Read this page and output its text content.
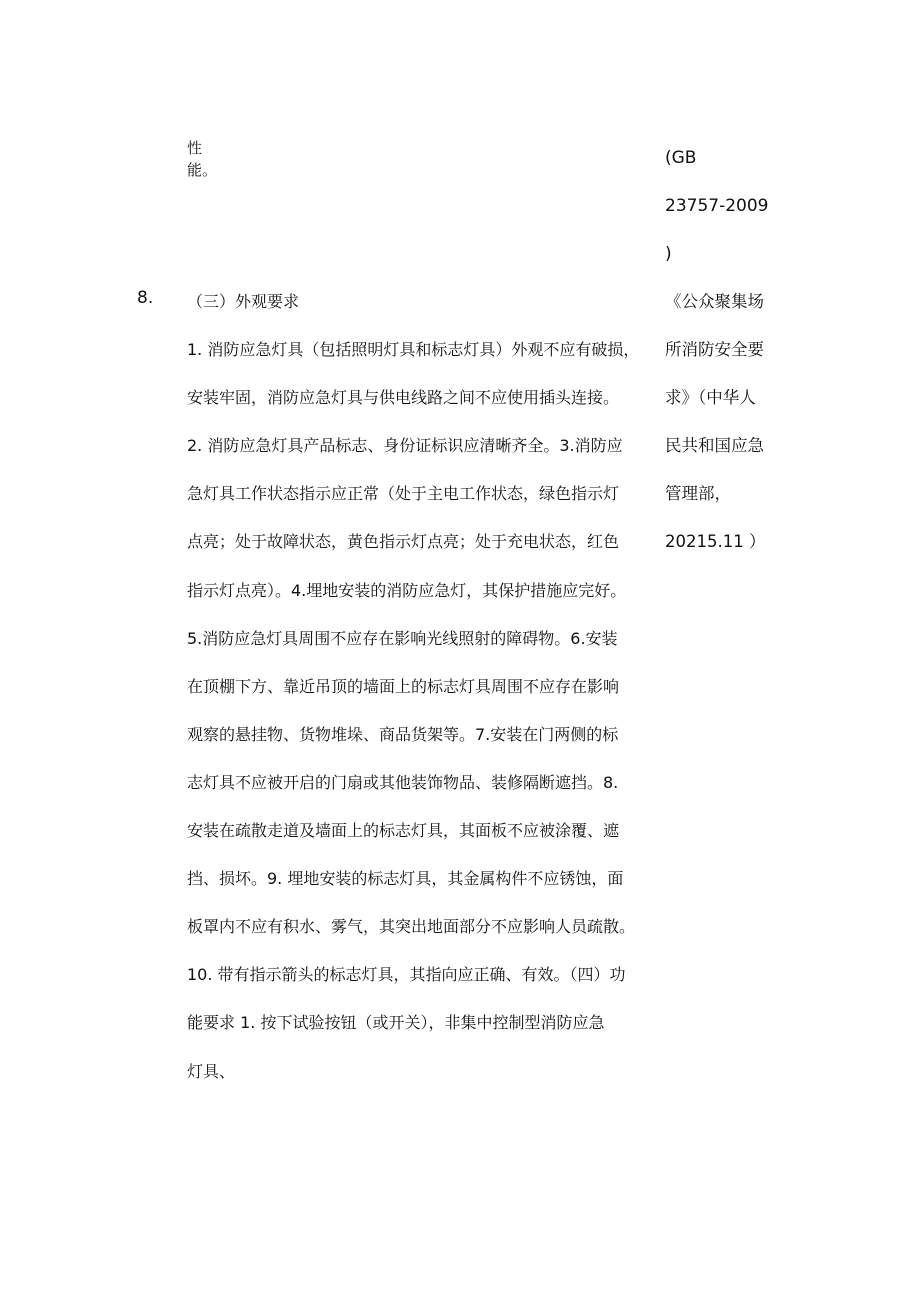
性
能。
(GB
23757-2009
)
8. （三）外观要求
1. 消防应急灯具（包括照明灯具和标志灯具）外观不应有破损，
安装牢固，消防应急灯具与供电线路之间不应使用插头连接。
2. 消防应急灯具产品标志、身份证标识应清晰齐全。3.消防应
急灯具工作状态指示应正常（处于主电工作状态，绿色指示灯
点亮；处于故障状态，黄色指示灯点亮；处于充电状态，红色
指示灯点亮）。4.埋地安装的消防应急灯，其保护措施应完好。
5.消防应急灯具周围不应存在影响光线照射的障碍物。6.安装
在顶棚下方、靠近吊顶的墙面上的标志灯具周围不应存在影响
观察的悬挂物、货物堆垛、商品货架等。7.安装在门两侧的标
志灯具不应被开启的门扇或其他装饰物品、装修隔断遮挡。8.
安装在疏散走道及墙面上的标志灯具，其面板不应被涂覆、遮
挡、损坏。9. 埋地安装的标志灯具，其金属构件不应锈蚀，面
板罩内不应有积水、雾气，其突出地面部分不应影响人员疏散。
10. 带有指示箭头的标志灯具，其指向应正确、有效。（四）功
能要求 1. 按下试验按钮（或开关），非集中控制型消防应急
灯具、
《公众聚集场
所消防安全要
求》（中华人
民共和国应急
管理部，
20215.11 ）
